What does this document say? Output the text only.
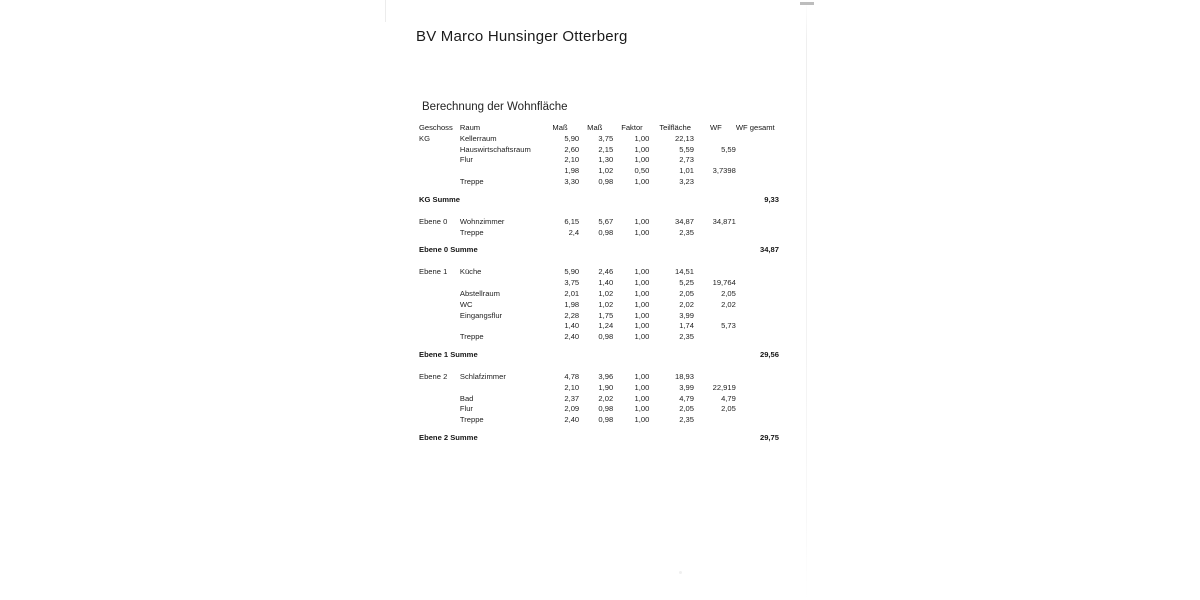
BV Marco Hunsinger Otterberg
Berechnung der Wohnfläche
Geschoss	Raum	Maß	Maß	Faktor	Teilfläche	WF	WF gesamt
KG	Kellerraum	5,90	3,75	1,00	22,13		
	Hauswirtschaftsraum	2,60	2,15	1,00	5,59	5,59	
	Flur	2,10	1,30	1,00	2,73		
		1,98	1,02	0,50	1,01	3,7398	
	Treppe	3,30	0,98	1,00	3,23		

KG Summe						9,33	

Ebene 0	Wohnzimmer	6,15	5,67	1,00	34,87	34,871	
	Treppe	2,4	0,98	1,00	2,35		

Ebene 0 Summe						34,87	

Ebene 1	Küche	5,90	2,46	1,00	14,51		
		3,75	1,40	1,00	5,25	19,764	
	Abstellraum	2,01	1,02	1,00	2,05	2,05	
	WC	1,98	1,02	1,00	2,02	2,02	
	Eingangsflur	2,28	1,75	1,00	3,99		
		1,40	1,24	1,00	1,74	5,73	
	Treppe	2,40	0,98	1,00	2,35		

Ebene 1 Summe						29,56	

Ebene 2	Schlafzimmer	4,78	3,96	1,00	18,93		
		2,10	1,90	1,00	3,99	22,919	
	Bad	2,37	2,02	1,00	4,79	4,79	
	Flur	2,09	0,98	1,00	2,05	2,05	
	Treppe	2,40	0,98	1,00	2,35		

Ebene 2 Summe						29,75	
